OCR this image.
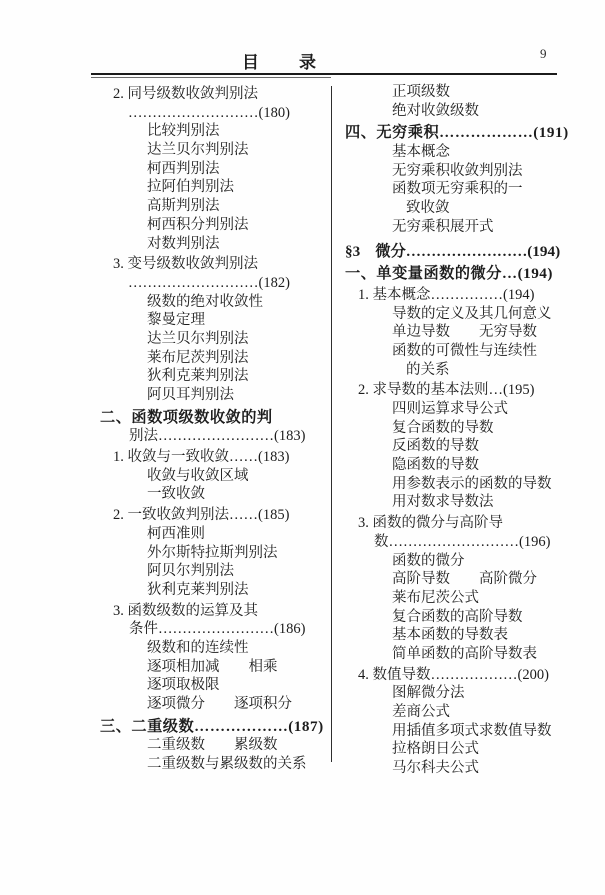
目　　录	9
2. 同号级数收敛判别法
………………………(180)
比较判别法
达兰贝尔判别法
柯西判别法
拉阿伯判别法
高斯判别法
柯西积分判别法
对数判别法
3. 变号级数收敛判别法
………………………(182)
级数的绝对收敛性
黎曼定理
达兰贝尔判别法
莱布尼茨判别法
狄利克莱判别法
阿贝耳判别法
二、函数项级数收敛的判
别法……………………(183)
1. 收敛与一致收敛……(183)
收敛与收敛区域
一致收敛
2. 一致收敛判别法……(185)
柯西准则
外尔斯特拉斯判别法
阿贝尔判别法
狄利克莱判别法
3. 函数级数的运算及其
条件……………………(186)
级数和的连续性
逐项相加减　　相乘
逐项取极限
逐项微分　　逐项积分
三、二重级数………………(187)
二重级数　　累级数
二重级数与累级数的关系
正项级数
绝对收敛级数
四、无穷乘积………………(191)
基本概念
无穷乘积收敛判别法
函数项无穷乘积的一
致收敛
无穷乘积展开式
§3　微分……………………(194)
一、单变量函数的微分…(194)
1. 基本概念……………(194)
导数的定义及其几何意义
单边导数　　无穷导数
函数的可微性与连续性
的关系
2. 求导数的基本法则…(195)
四则运算求导公式
复合函数的导数
反函数的导数
隐函数的导数
用参数表示的函数的导数
用对数求导数法
3. 函数的微分与高阶导
数………………………(196)
函数的微分
高阶导数　　高阶微分
莱布尼茨公式
复合函数的高阶导数
基本函数的导数表
简单函数的高阶导数表
4. 数值导数………………(200)
图解微分法
差商公式
用插值多项式求数值导数
拉格朗日公式
马尔科夫公式
